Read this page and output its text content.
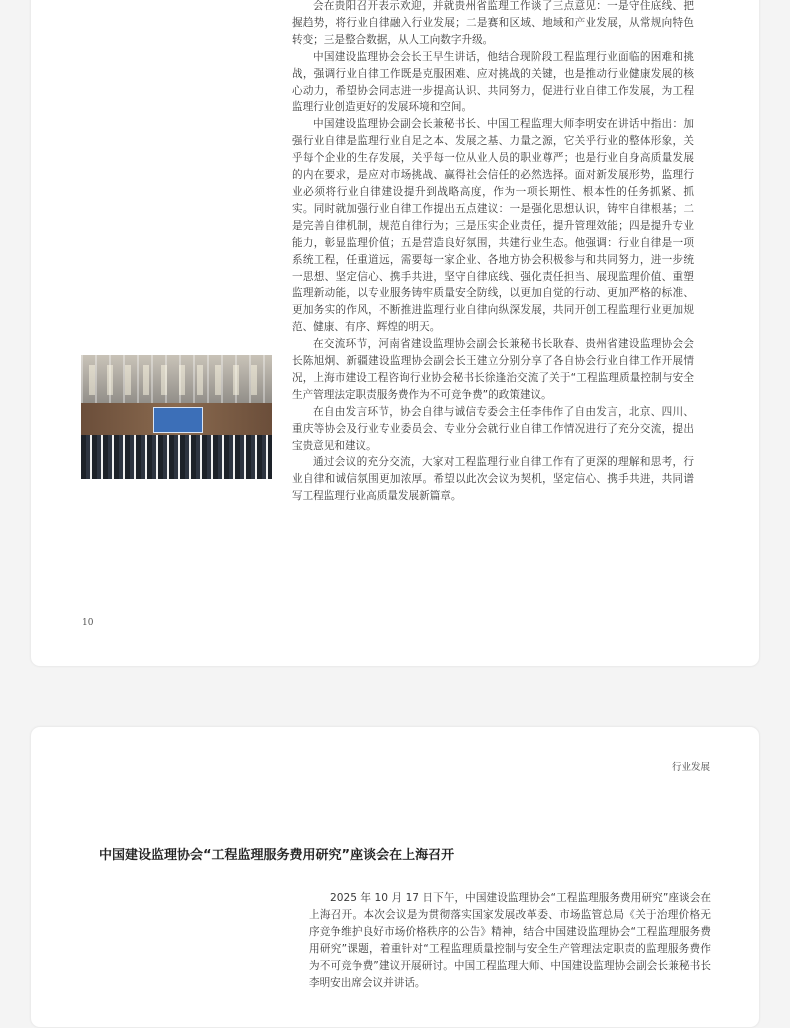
会在贵阳召开表示欢迎，并就贵州省监理工作谈了三点意见：一是守住底线、把握趋势，将行业自律融入行业发展；二是赛和区域、地域和产业发展，从常规向特色转变；三是整合数据，从人工向数字升级。

中国建设监理协会会长王早生讲话，他结合现阶段工程监理行业面临的困难和挑战，强调行业自律工作既是克服困难、应对挑战的关键，也是推动行业健康发展的核心动力，希望协会同志进一步提高认识、共同努力，促进行业自律工作发展，为工程监理行业创造更好的发展环境和空间。

中国建设监理协会副会长兼秘书长、中国工程监理大师李明安在讲话中指出：加强行业自律是监理行业自足之本、发展之基、力量之源，它关乎行业的整体形象，关乎每个企业的生存发展，关乎每一位从业人员的职业尊严；也是行业自身高质量发展的内在要求，是应对市场挑战、赢得社会信任的必然选择。面对新发展形势，监理行业必须将行业自律建设提升到战略高度，作为一项长期性、根本性的任务抓紧、抓实。同时就加强行业自律工作提出五点建议：一是强化思想认识，铸牢自律根基；二是完善自律机制，规范自律行为；三是压实企业责任，提升管理效能；四是提升专业能力，彰显监理价值；五是营造良好氛围，共建行业生态。他强调：行业自律是一项系统工程，任重道远，需要每一家企业、各地方协会积极参与和共同努力，进一步统一思想、坚定信心、携手共进，坚守自律底线、强化责任担当、展现监理价值、重塑监理新动能，以专业服务铸牢质量安全防线，以更加自觉的行动、更加严格的标准、更加务实的作风，不断推进监理行业自律向纵深发展，共同开创工程监理行业更加规范、健康、有序、辉煌的明天。

在交流环节，河南省建设监理协会副会长兼秘书长耿春、贵州省建设监理协会会长陈旭炯、新疆建设监理协会副会长王建立分别分享了各自协会行业自律工作开展情况，上海市建设工程咨询行业协会秘书长徐逢治交流了关于“工程监理质量控制与安全生产管理法定职责服务费作为不可竞争费”的政策建议。

在自由发言环节，协会自律与诚信专委会主任李伟作了自由发言，北京、四川、重庆等协会及行业专业委员会、专业分会就行业自律工作情况进行了充分交流，提出宝贵意见和建议。

通过会议的充分交流，大家对工程监理行业自律工作有了更深的理解和思考，行业自律和诚信氛围更加浓厚。希望以此次会议为契机，坚定信心、携手共进，共同谱写工程监理行业高质量发展新篇章。

10
行业发展
中国建设监理协会“工程监理服务费用研究”座谈会在上海召开

2025 年 10 月 17 日下午，中国建设监理协会“工程监理服务费用研究”座谈会在上海召开。本次会议是为贯彻落实国家发展改革委、市场监管总局《关于治理价格无序竞争维护良好市场价格秩序的公告》精神，结合中国建设监理协会“工程监理服务费用研究”课题，着重针对“工程监理质量控制与安全生产管理法定职责的监理服务费作为不可竞争费”建议开展研讨。中国工程监理大师、中国建设监理协会副会长兼秘书长李明安出席会议并讲话。
